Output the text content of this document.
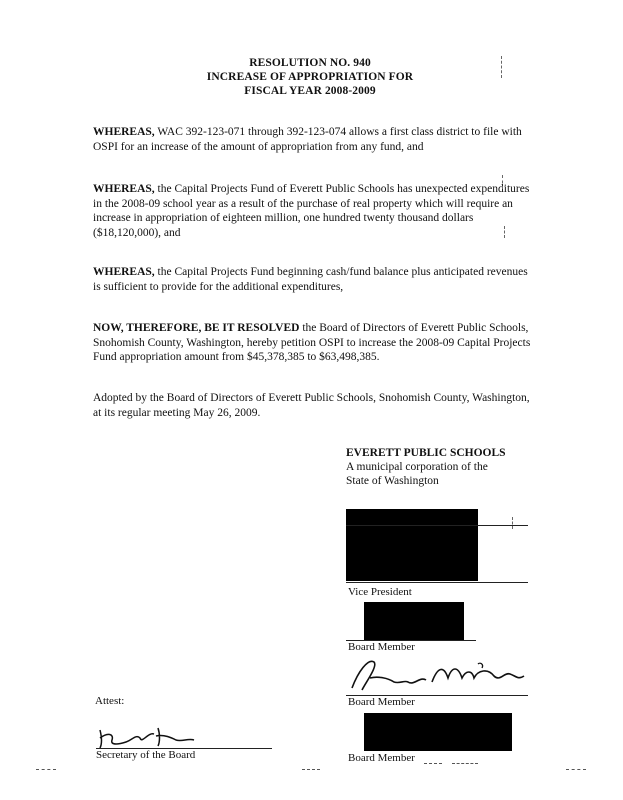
RESOLUTION NO. 940
INCREASE OF APPROPRIATION FOR
FISCAL YEAR 2008-2009
WHEREAS, WAC 392-123-071 through 392-123-074 allows a first class district to file with OSPI for an increase of the amount of appropriation from any fund, and
WHEREAS, the Capital Projects Fund of Everett Public Schools has unexpected expenditures in the 2008-09 school year as a result of the purchase of real property which will require an increase in appropriation of eighteen million, one hundred twenty thousand dollars ($18,120,000), and
WHEREAS, the Capital Projects Fund beginning cash/fund balance plus anticipated revenues is sufficient to provide for the additional expenditures,
NOW, THEREFORE, BE IT RESOLVED the Board of Directors of Everett Public Schools, Snohomish County, Washington, hereby petition OSPI to increase the 2008-09 Capital Projects Fund appropriation amount from $45,378,385 to $63,498,385.
Adopted by the Board of Directors of Everett Public Schools, Snohomish County, Washington, at its regular meeting May 26, 2009.
EVERETT PUBLIC SCHOOLS
A municipal corporation of the
State of Washington
Vice President
Board Member
Board Member
Board Member
Attest:
Secretary of the Board
